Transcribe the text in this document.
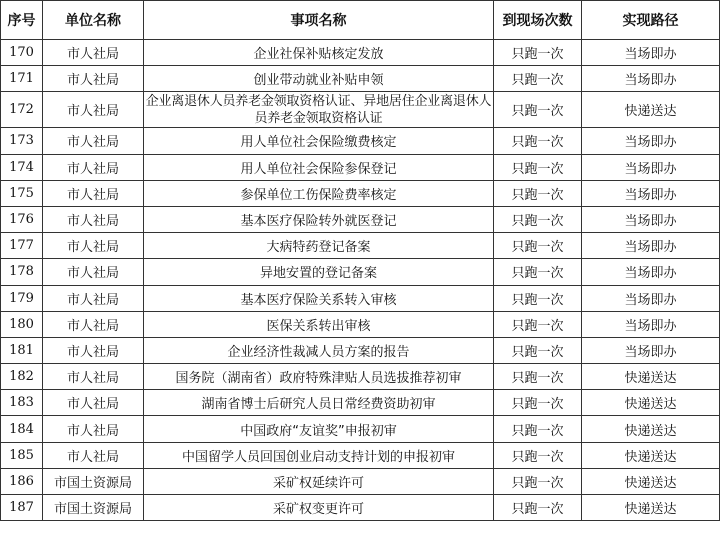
序号	单位名称	事项名称	到现场次数	实现路径
170	市人社局	企业社保补贴核定发放	只跑一次	当场即办
171	市人社局	创业带动就业补贴申领	只跑一次	当场即办
172	市人社局	企业离退休人员养老金领取资格认证、异地居住企业离退休人员养老金领取资格认证	只跑一次	快递送达
173	市人社局	用人单位社会保险缴费核定	只跑一次	当场即办
174	市人社局	用人单位社会保险参保登记	只跑一次	当场即办
175	市人社局	参保单位工伤保险费率核定	只跑一次	当场即办
176	市人社局	基本医疗保险转外就医登记	只跑一次	当场即办
177	市人社局	大病特药登记备案	只跑一次	当场即办
178	市人社局	异地安置的登记备案	只跑一次	当场即办
179	市人社局	基本医疗保险关系转入审核	只跑一次	当场即办
180	市人社局	医保关系转出审核	只跑一次	当场即办
181	市人社局	企业经济性裁减人员方案的报告	只跑一次	当场即办
182	市人社局	国务院（湖南省）政府特殊津贴人员选拔推荐初审	只跑一次	快递送达
183	市人社局	湖南省博士后研究人员日常经费资助初审	只跑一次	快递送达
184	市人社局	中国政府“友谊奖”申报初审	只跑一次	快递送达
185	市人社局	中国留学人员回国创业启动支持计划的申报初审	只跑一次	快递送达
186	市国土资源局	采矿权延续许可	只跑一次	快递送达
187	市国土资源局	采矿权变更许可	只跑一次	快递送达
